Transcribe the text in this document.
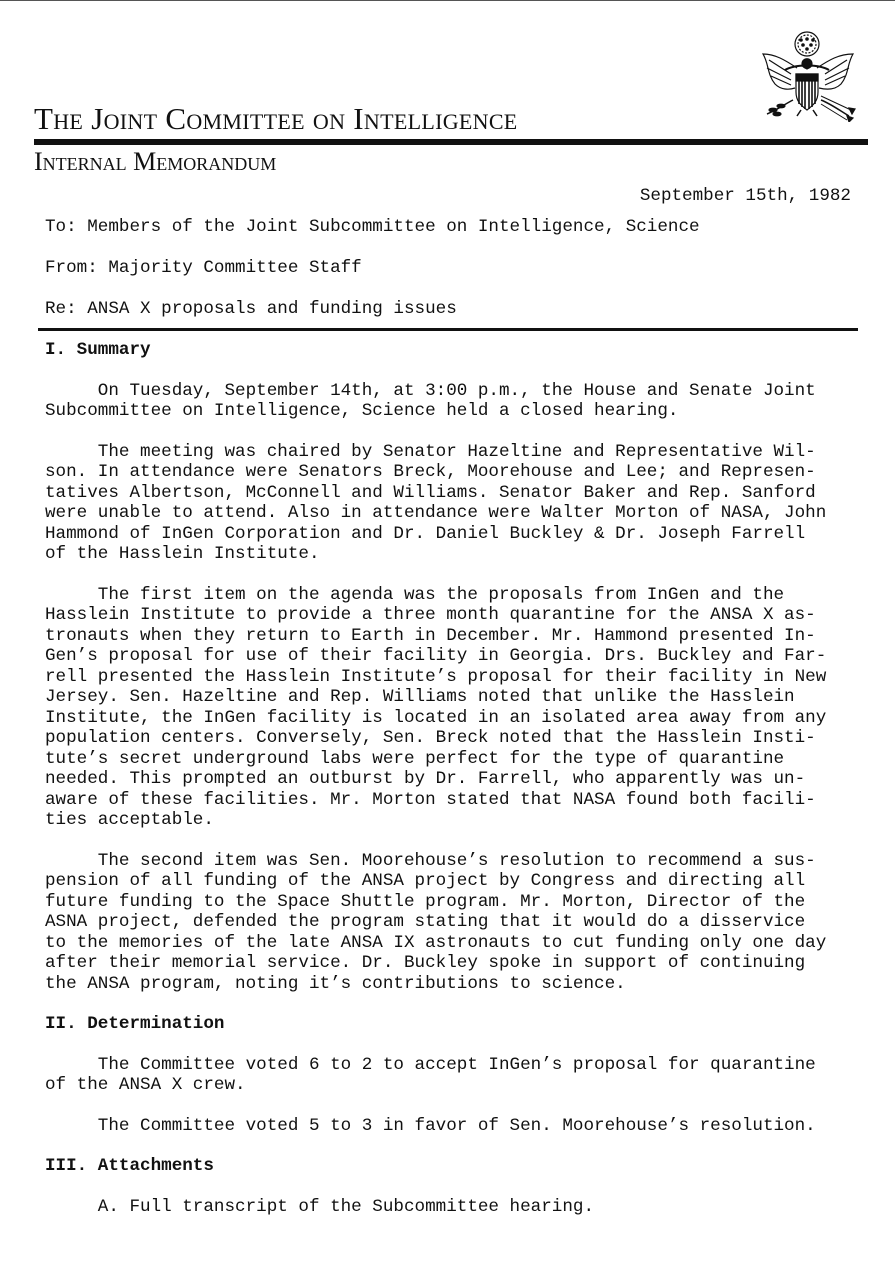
The Joint Committee on Intelligence
Internal Memorandum
September 15th, 1982
To: Members of the Joint Subcommittee on Intelligence, Science
From: Majority Committee Staff
Re: ANSA X proposals and funding issues
I. Summary
On Tuesday, September 14th, at 3:00 p.m., the House and Senate Joint
Subcommittee on Intelligence, Science held a closed hearing.
The meeting was chaired by Senator Hazeltine and Representative Wil-
son. In attendance were Senators Breck, Moorehouse and Lee; and Represen-
tatives Albertson, McConnell and Williams. Senator Baker and Rep. Sanford
were unable to attend. Also in attendance were Walter Morton of NASA, John
Hammond of InGen Corporation and Dr. Daniel Buckley & Dr. Joseph Farrell
of the Hasslein Institute.
The first item on the agenda was the proposals from InGen and the
Hasslein Institute to provide a three month quarantine for the ANSA X as-
tronauts when they return to Earth in December. Mr. Hammond presented In-
Gen’s proposal for use of their facility in Georgia. Drs. Buckley and Far-
rell presented the Hasslein Institute’s proposal for their facility in New
Jersey. Sen. Hazeltine and Rep. Williams noted that unlike the Hasslein
Institute, the InGen facility is located in an isolated area away from any
population centers. Conversely, Sen. Breck noted that the Hasslein Insti-
tute’s secret underground labs were perfect for the type of quarantine
needed. This prompted an outburst by Dr. Farrell, who apparently was un-
aware of these facilities. Mr. Morton stated that NASA found both facili-
ties acceptable.
The second item was Sen. Moorehouse’s resolution to recommend a sus-
pension of all funding of the ANSA project by Congress and directing all
future funding to the Space Shuttle program. Mr. Morton, Director of the
ASNA project, defended the program stating that it would do a disservice
to the memories of the late ANSA IX astronauts to cut funding only one day
after their memorial service. Dr. Buckley spoke in support of continuing
the ANSA program, noting it’s contributions to science.
II. Determination
The Committee voted 6 to 2 to accept InGen’s proposal for quarantine
of the ANSA X crew.
The Committee voted 5 to 3 in favor of Sen. Moorehouse’s resolution.
III. Attachments
A. Full transcript of the Subcommittee hearing.
